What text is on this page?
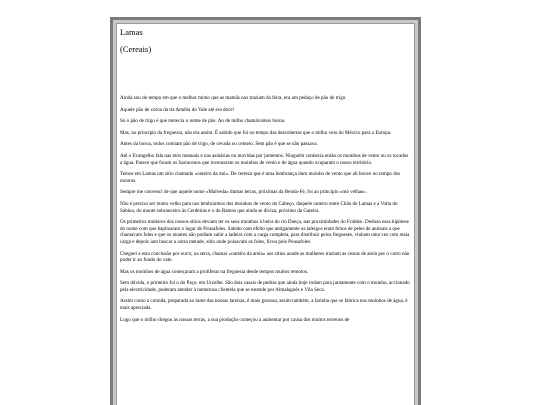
Lamas

(Cereais)

Ainda sou do tempo em que o melhor mimo que as mamãs nos traziam da feira, era um pedaço de pão de trigo.

Aquele pão de coroa da tia Amélia do Vale até era doce!

Só o pão de trigo é que merecia o nome de pão. Ao de milho chamávamos boroa.

Mas, no princípio da freguesia, não era assim. É sabido que foi no tempo das descobertas que o milho veio do México para a Europa.

Antes da boroa, todos comiam pão de trigo, de cevada ou centeio. Sem pão é que se não passava.

Até o Evangelho fala nas mós manuais e nas asinárias ou movidas por jumentos. Ninguém conhecia então os moinhos de vento ou os tocados a água. Parece que foram os Sarracenos que inventaram os moinhos de vento e de água quando ocuparam o nosso território.

Temos em Lamas um sítio chamado «outeiro da mó». De certeza que é uma lembrança dum moinho de vento que ali houve no tempo dos mouros.

Sempre me convenci de que aquele nome «Malveda» dumas terras, próximas da Benda-Fé, foi ao princípio «mó velhas».

Não é preciso ser muito velho para nos lembrarmos dos moinhos de vento do Cabeço, daquele outeiro entre Chão de Lamas e a Volta do Sabina, do monte sobranceiro às Cerdeiras e o do Ramos que ainda se diviza, próximo da Gateira.

Os primeiros moleiros dos nossos sítios deviam ter os seus moinhos à beira do rio Dueça, nas proximidades do Fraldeu. Deduzo essa hipótese do nome com que baptizaram o lugar de Pousafoles. Sabido com efeito que antigamente os taleigos eram feitos de peles de animais a que chamavam foles e que os muares não podiam subir a ladeira com a carga completa, para distribuir pelos fregueses, vinham uma vez com meia carga e depois iam buscar a outra metade, sítio onde poisavam os foles, ficou pois Pousafoles.

Cheguei a esta conclusão por ouvir, na serra, chamar «outeiro da areia» aos sítios aonde as mulheres traziam as cestas de areia por o carro não poder ir ao fundo do vale.

Mas os moinhos de água começaram a proliferar na freguesia desde tempos muitos remotos.

Sem dúvida, o primeiro foi o do Paço, em Urzelhe. São dois casais de pedras que ainda hoje rodam para juntamente com o moinho, accionado pela electricidade, puderam atender à numerosa clientela que se estende por Almalaguês e Vila Seca.

Assim como a comida, preparada ao lume das nossas lareiras, é mais gostosa, assim também, a farinha que se fabrica nos moinhos de água, é mais apreciada.

Logo que o milho chegou às nossas terras, a sua produção começou a aumentar por causa dos muitos terrenos de
